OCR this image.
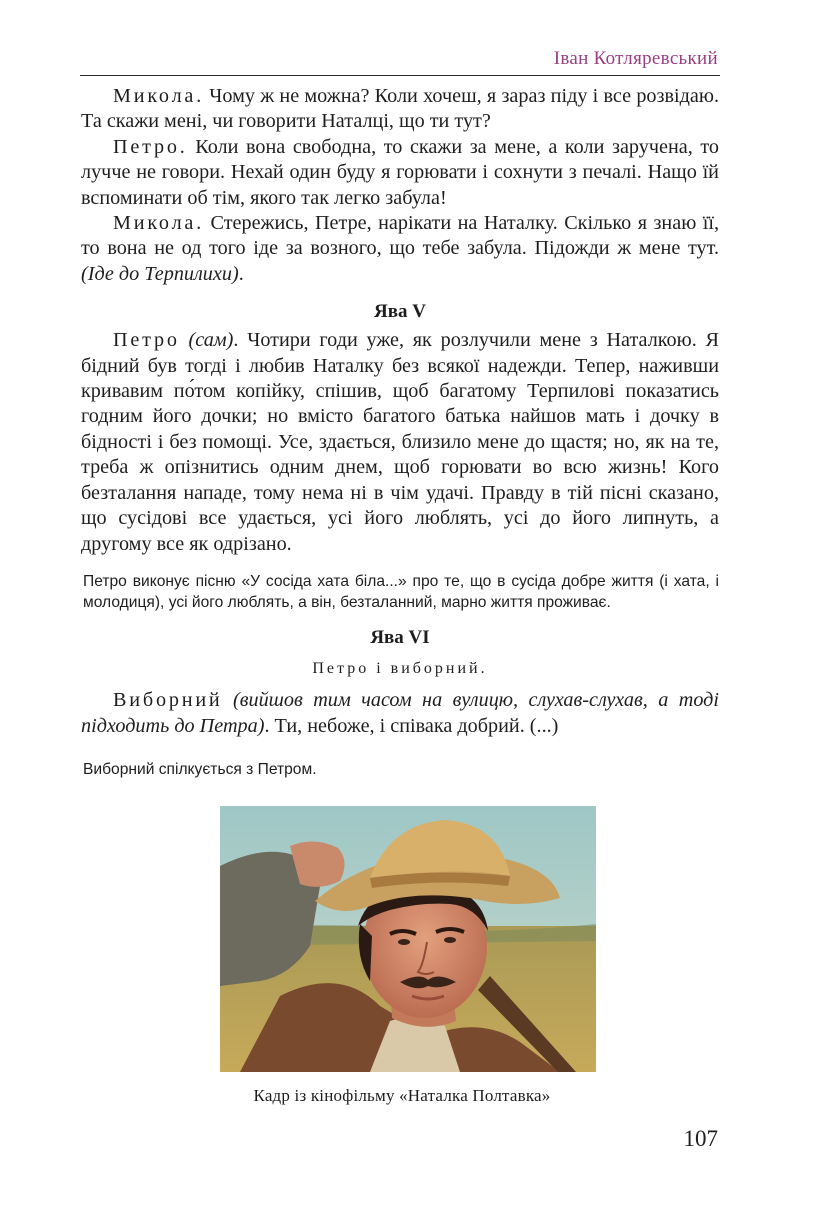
Іван Котляревський

Микола. Чому ж не можна? Коли хочеш, я зараз піду і все розвідаю. Та скажи мені, чи говорити Наталці, що ти тут?

Петро. Коли вона свободна, то скажи за мене, а коли заручена, то лучче не говори. Нехай один буду я горювати і сохнути з печалі. Нащо їй вспоминати об тім, якого так легко забула!

Микола. Стережись, Петре, нарікати на Наталку. Скілько я знаю її, то вона не од того іде за возного, що тебе забула. Підожди ж мене тут. (Іде до Терпилихи).

Ява V

Петро (сам). Чотири годи уже, як розлучили мене з Наталкою. Я бідний був тогді і любив Наталку без всякої надежди. Тепер, наживши кривавим по́том копійку, спішив, щоб багатому Терпилові показатись годним його дочки; но вмісто багатого батька найшов мать і дочку в бідності і без помощі. Усе, здається, близило мене до щастя; но, як на те, треба ж опізнитись одним днем, щоб горювати во всю жизнь! Кого безталання нападе, тому нема ні в чім удачі. Правду в тій пісні сказано, що сусідові все удається, усі його люблять, усі до його липнуть, а другому все як одрізано.

Петро виконує пісню «У сосіда хата біла...» про те, що в сусіда добре життя (і хата, і молодиця), усі його люблять, а він, безталанний, марно життя проживає.

Ява VI

Петро і виборний.

Виборний (вийшов тим часом на вулицю, слухав-слухав, а тоді підходить до Петра). Ти, небоже, і співака добрий. (...)

Виборний спілкується з Петром.

Кадр із кінофільму «Наталка Полтавка»
107
